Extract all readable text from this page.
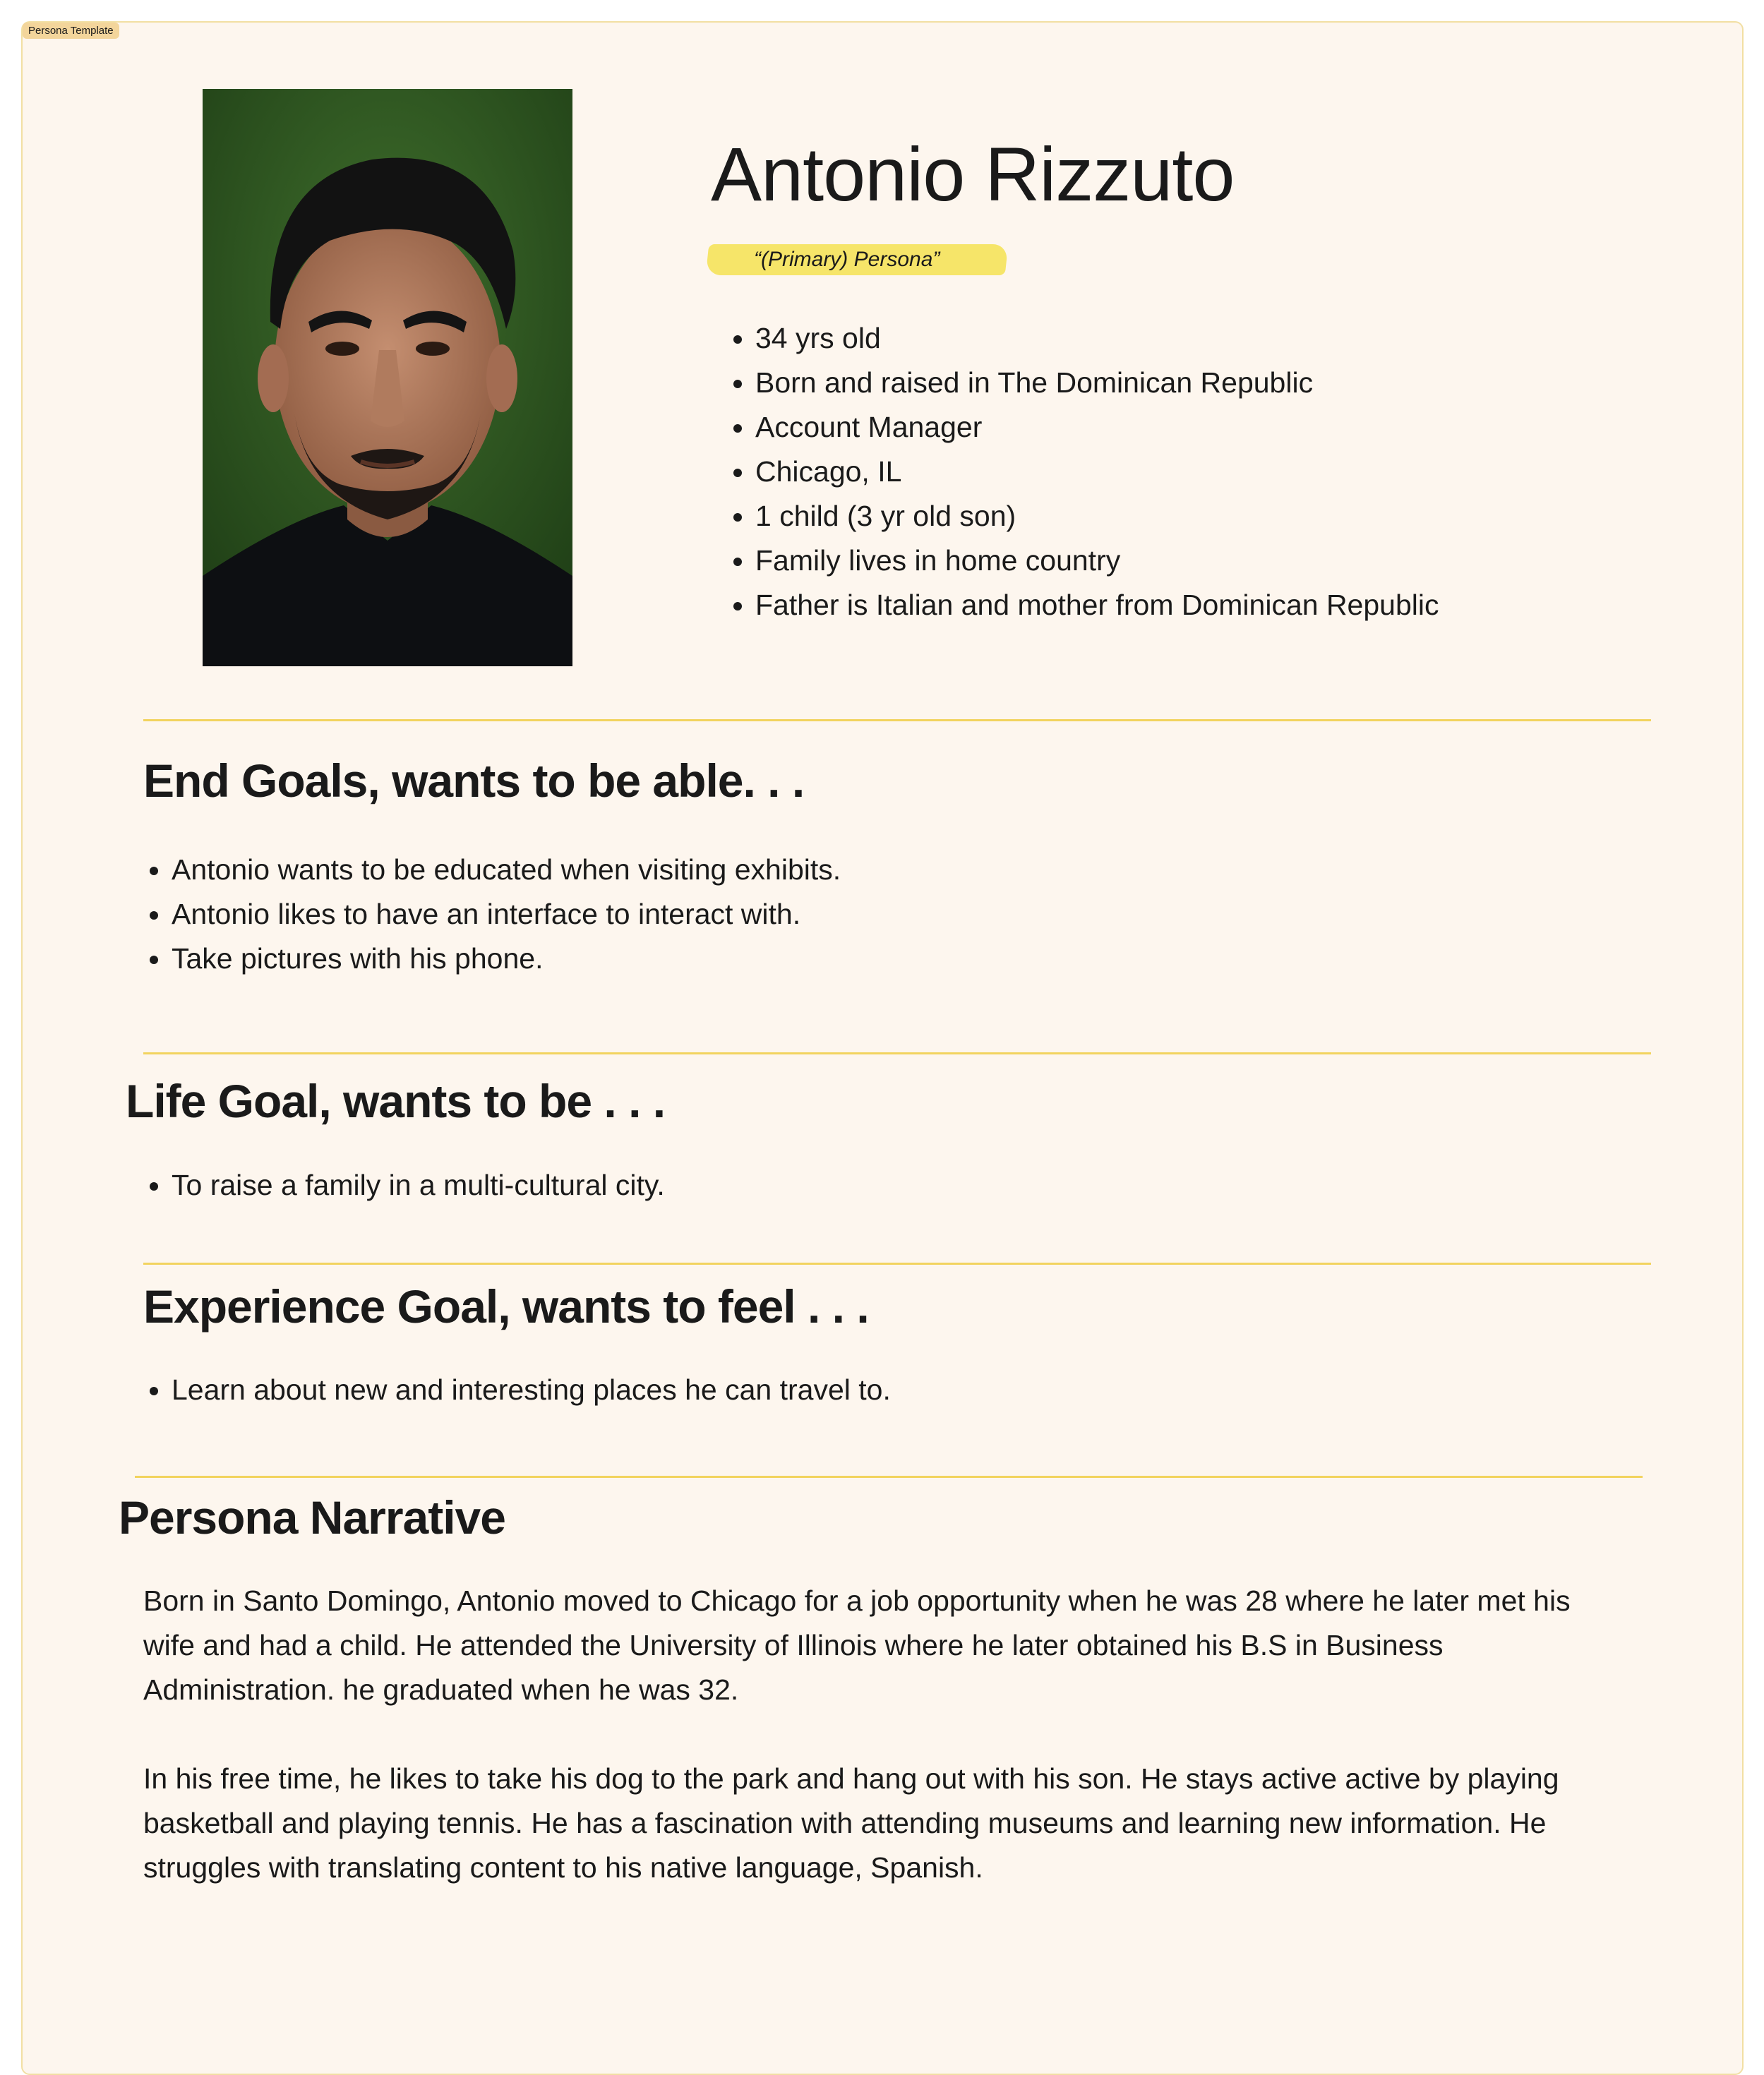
Persona Template
Antonio Rizzuto
“(Primary) Persona”
• 34 yrs old
• Born and raised in The Dominican Republic
• Account Manager
• Chicago, IL
• 1 child (3 yr old son)
• Family lives in home country
• Father is Italian and mother from Dominican Republic
End Goals, wants to be able. . .
• Antonio wants to be educated when visiting exhibits.
• Antonio likes to have an interface to interact with.
• Take pictures with his phone.
Life Goal, wants to be . . .
• To raise a family in a multi-cultural city.
Experience Goal, wants to feel . . .
• Learn about new and interesting places he can travel to.
Persona Narrative

Born in Santo Domingo, Antonio moved to Chicago for a job opportunity when he was 28 where he later met his wife and had a child. He attended the University of Illinois where he later obtained his B.S in Business Administration. he graduated when he was 32.

In his free time, he likes to take his dog to the park and hang out with his son. He stays active active by playing basketball and playing tennis. He has a fascination with attending museums and learning new information. He struggles with translating content to his native language, Spanish.
